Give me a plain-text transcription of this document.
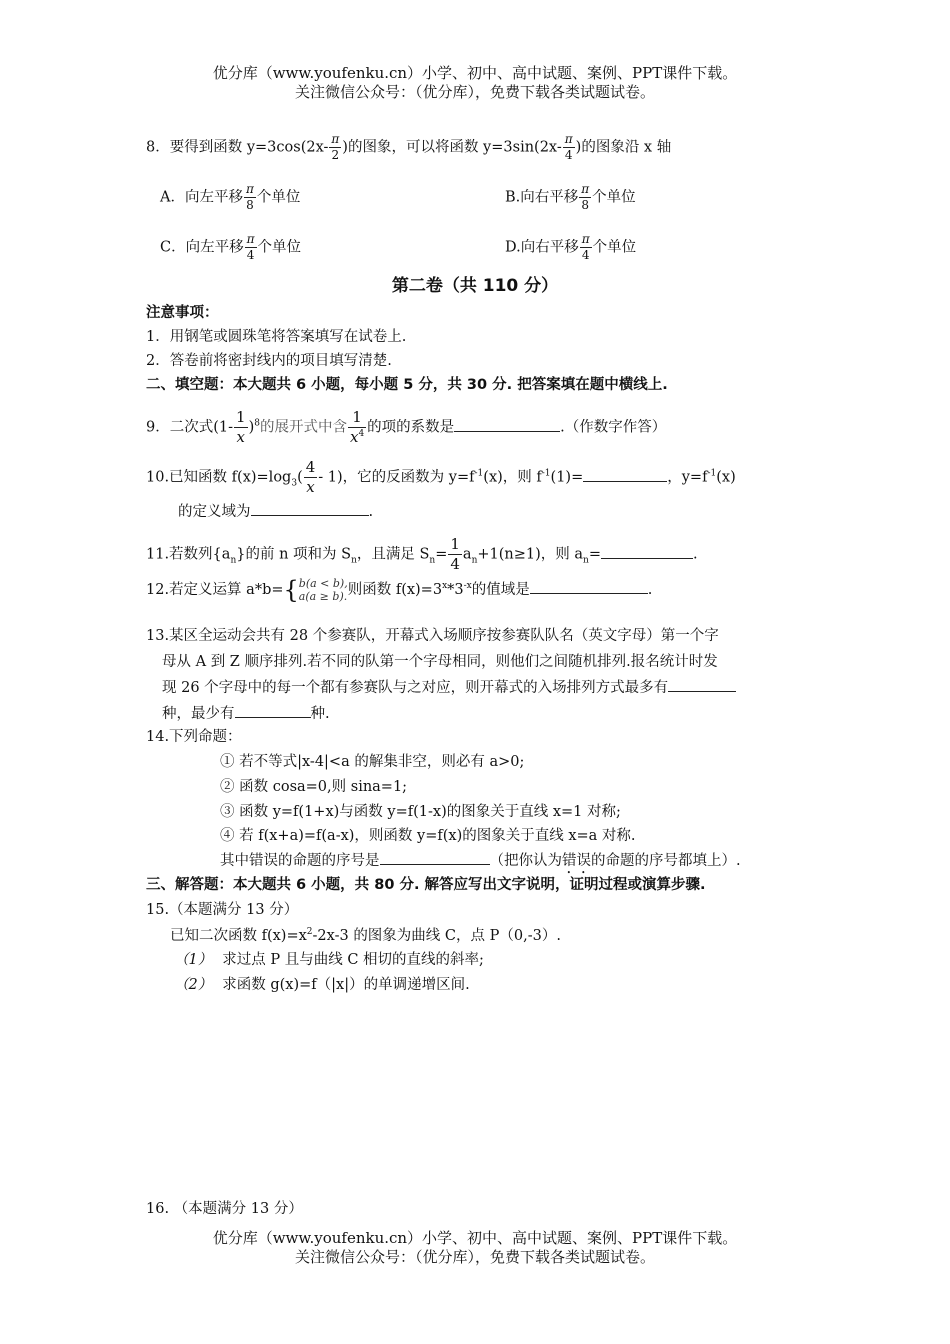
优分库（www.youfenku.cn）小学、初中、高中试题、案例、PPT课件下载。
关注微信公众号：（优分库），免费下载各类试题试卷。
8．要得到函数 $y=3\cos(2x- \frac{\pi}{2}$ )的图象，可以将函数 $y=3\sin(2x- \frac{\pi}{4}$ )的图象沿 x 轴
A．向左平移 $\frac{\pi}{8}$ 个单位	B.向右平移 $\frac{\pi}{8}$ 个单位
C．向左平移 $\frac{\pi}{4}$ 个单位	D.向右平移 $\frac{\pi}{4}$ 个单位
第二卷（共 110 分）
注意事项：
1．用钢笔或圆珠笔将答案填写在试卷上.
2．答卷前将密封线内的项目填写清楚.
二、填空题：本大题共 6 小题，每小题 5 分，共 30 分. 把答案填在题中横线上.
9．二次式$(1- \frac{1}{x} )^8$的展开式中含 $\frac{1}{x^4}$ 的项的系数是	.（作数字作答）
10.已知函数 $f(x)=\log_3( \frac{4}{x} - 1)$，它的反函数为 $y=f^{-1}(x)$，则 $f^{-1}(1)=$	，$y=f^{-1}(x)$
的定义域为	.
11.若数列$\{a_n\}$的前 n 项和为 $S_n$，且满足 $S_n= \frac{1}{4} a_n+1(n\ge 1)$，则 $a_n=$	.
12.若定义运算 a*b={ b(a < b),
a(a ≥ b). 则函数 $f(x)=3^x*3^{-x}$的值域是	.
13.某区全运动会共有 28 个参赛队，开幕式入场顺序按参赛队队名（英文字母）第一个字
母从 A 到 Z 顺序排列.若不同的队第一个字母相同，则他们之间随机排列.报名统计时发
现 26 个字母中的每一个都有参赛队与之对应，则开幕式的入场排列方式最多有
种，最少有	种.
14.下列命题：
① 若不等式|x-4|<a 的解集非空，则必有 a>0;
② 函数 cosa=0,则 sina=1;
③ 函数 y=f(1+x)与函数 y=f(1-x)的图象关于直线 x=1 对称;
④ 若 f(x+a)=f(a-x)，则函数 y=f(x)的图象关于直线 x=a 对称.
其中错误的命题的序号是	（把你认为错误的命题的序号都填上）.
三、解答题：本大题共 6 小题，共 80 分. 解答应写出文字说明，证明过程或演算步骤.
15.（本题满分 13 分）
已知二次函数 $f(x)=x^2-2x-3$ 的图象为曲线 C，点 P（0,-3）.
（1） 求过点 P 且与曲线 C 相切的直线的斜率;
（2） 求函数 g(x)=f（|x|）的单调递增区间.
16. （本题满分 13 分）
优分库（www.youfenku.cn）小学、初中、高中试题、案例、PPT课件下载。
关注微信公众号：（优分库），免费下载各类试题试卷。
